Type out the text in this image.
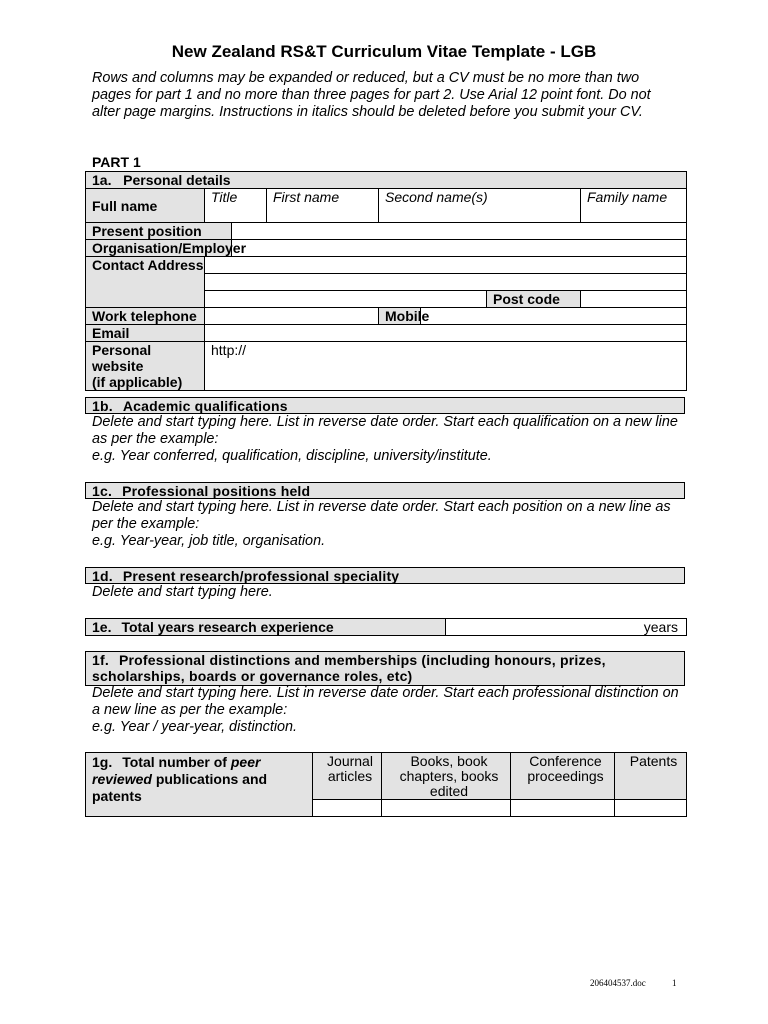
New Zealand RS&T Curriculum Vitae Template - LGB
Rows and columns may be expanded or reduced, but a CV must be no more than two pages for part 1 and no more than three pages for part 2. Use Arial 12 point font. Do not alter page margins. Instructions in italics should be deleted before you submit your CV.
PART 1
1a. Personal details							
Full name	Title		First name	Second name(s)			Family name
Present position							
Organisation/Employer							
Contact Address							

						Post code	
Work telephone				Mobile			
Email							
Personal website
(if applicable)	http://						
1b. Academic qualifications
Delete and start typing here. List in reverse date order. Start each qualification on a new line as per the example:
e.g. Year conferred, qualification, discipline, university/institute.
1c. Professional positions held
Delete and start typing here. List in reverse date order. Start each position on a new line as per the example:
e.g. Year-year, job title, organisation.
1d. Present research/professional speciality
Delete and start typing here.
1e. Total years research experience	years
1f. Professional distinctions and memberships (including honours, prizes, scholarships, boards or governance roles, etc)
Delete and start typing here. List in reverse date order. Start each professional distinction on a new line as per the example:
e.g. Year / year-year, distinction.
1g. Total number of peer reviewed publications and patents	Journal articles	Books, book chapters, books edited	Conference proceedings	Patents

206404537.doc	1
